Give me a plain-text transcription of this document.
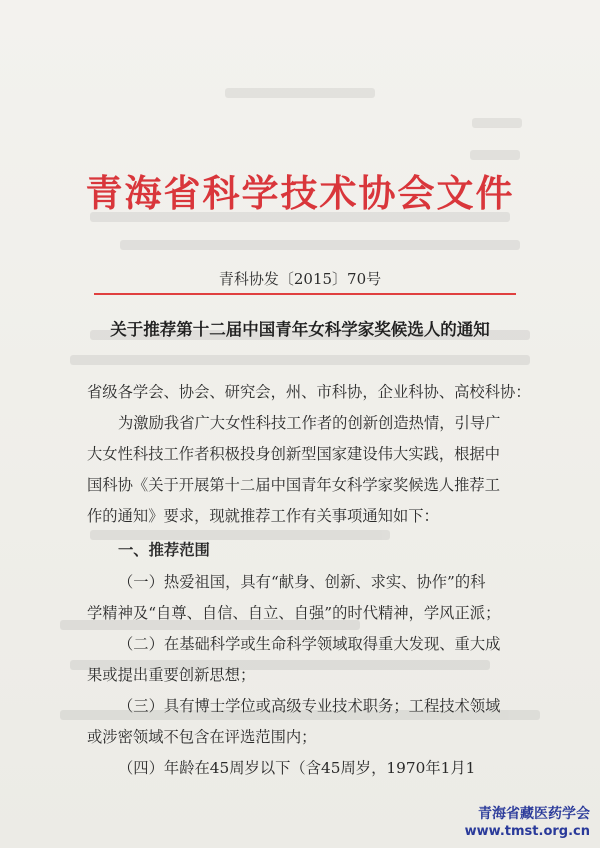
青海省科学技术协会文件
青科协发〔2015〕70号
关于推荐第十二届中国青年女科学家奖候选人的通知
省级各学会、协会、研究会，州、市科协，企业科协、高校科协：
为激励我省广大女性科技工作者的创新创造热情，引导广
大女性科技工作者积极投身创新型国家建设伟大实践，根据中
国科协《关于开展第十二届中国青年女科学家奖候选人推荐工
作的通知》要求，现就推荐工作有关事项通知如下：
一、推荐范围
（一）热爱祖国，具有“献身、创新、求实、协作”的科
学精神及“自尊、自信、自立、自强”的时代精神，学风正派；
（二）在基础科学或生命科学领域取得重大发现、重大成
果或提出重要创新思想；
（三）具有博士学位或高级专业技术职务；工程技术领域
或涉密领域不包含在评选范围内；
（四）年龄在45周岁以下（含45周岁，1970年1月1
青海省藏医药学会
www.tmst.org.cn
